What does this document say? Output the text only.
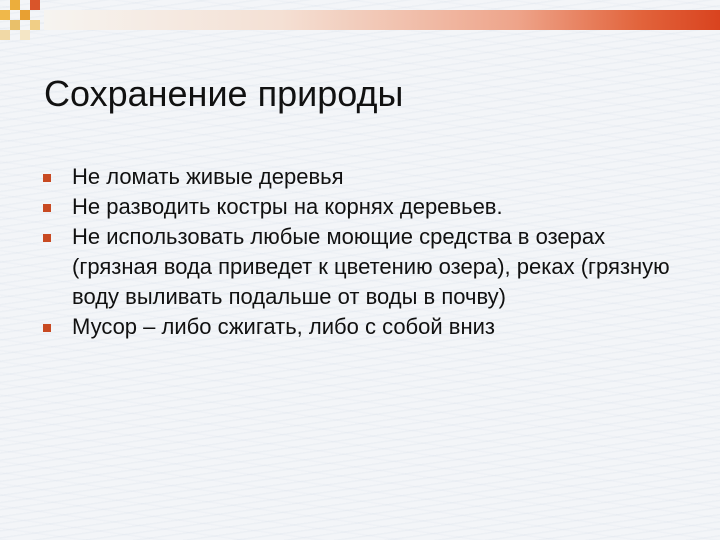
Сохранение природы
Не ломать живые деревья
Не разводить костры на корнях деревьев.
Не использовать любые моющие средства в озерах (грязная вода приведет к цветению озера), реках (грязную воду выливать подальше от воды в почву)
Мусор – либо сжигать, либо с собой вниз
